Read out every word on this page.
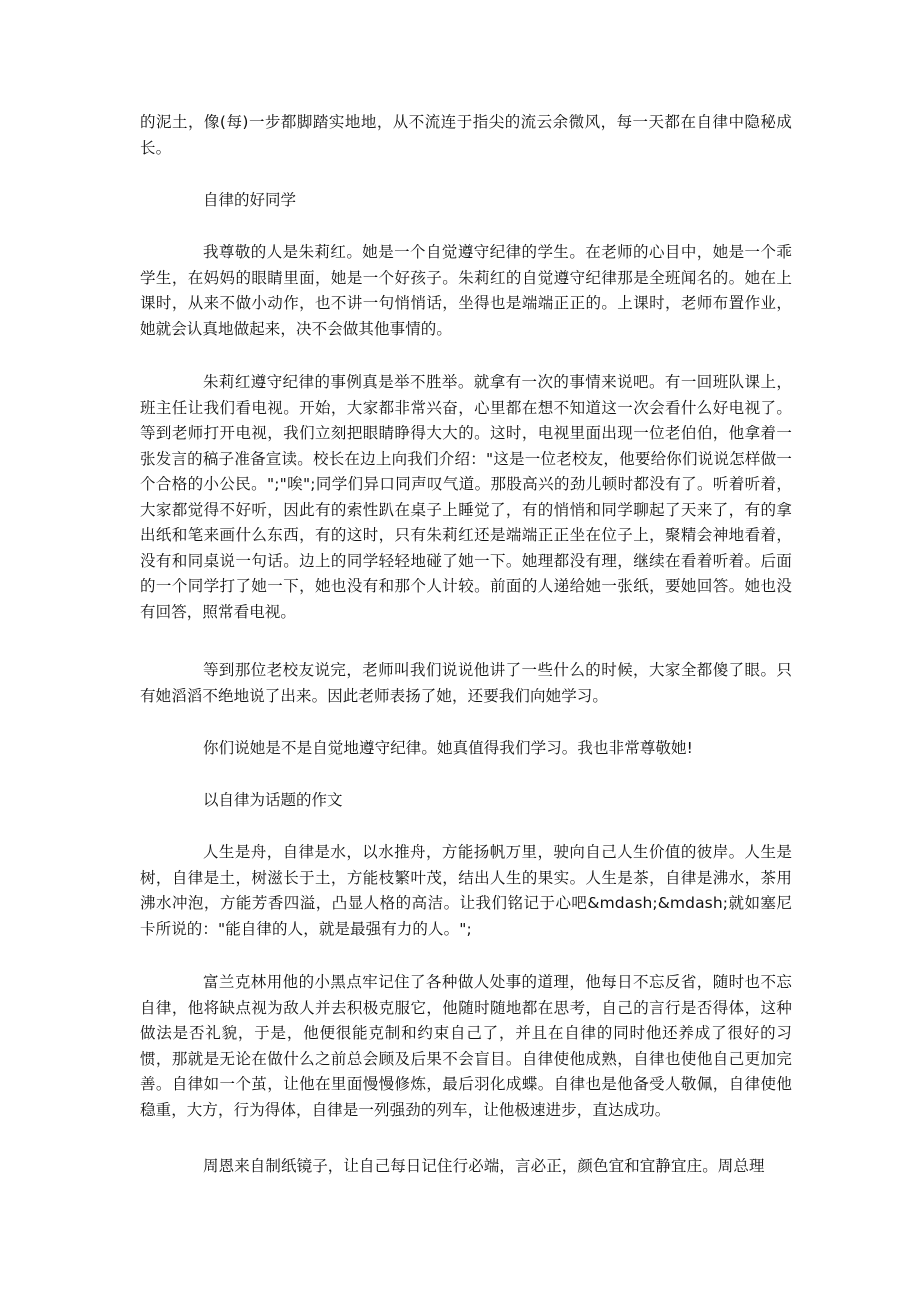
的泥土，像(每)一步都脚踏实地地，从不流连于指尖的流云余微风，每一天都在自律中隐秘成长。

自律的好同学

我尊敬的人是朱莉红。她是一个自觉遵守纪律的学生。在老师的心目中，她是一个乖学生，在妈妈的眼睛里面，她是一个好孩子。朱莉红的自觉遵守纪律那是全班闻名的。她在上课时，从来不做小动作，也不讲一句悄悄话，坐得也是端端正正的。上课时，老师布置作业，她就会认真地做起来，决不会做其他事情的。

朱莉红遵守纪律的事例真是举不胜举。就拿有一次的事情来说吧。有一回班队课上，班主任让我们看电视。开始，大家都非常兴奋，心里都在想不知道这一次会看什么好电视了。等到老师打开电视，我们立刻把眼睛睁得大大的。这时，电视里面出现一位老伯伯，他拿着一张发言的稿子准备宣读。校长在边上向我们介绍："这是一位老校友，他要给你们说说怎样做一个合格的小公民。";"唉";同学们异口同声叹气道。那股高兴的劲儿顿时都没有了。听着听着，大家都觉得不好听，因此有的索性趴在桌子上睡觉了，有的悄悄和同学聊起了天来了，有的拿出纸和笔来画什么东西，有的这时，只有朱莉红还是端端正正坐在位子上，聚精会神地看着，没有和同桌说一句话。边上的同学轻轻地碰了她一下。她理都没有理，继续在看着听着。后面的一个同学打了她一下，她也没有和那个人计较。前面的人递给她一张纸，要她回答。她也没有回答，照常看电视。

等到那位老校友说完，老师叫我们说说他讲了一些什么的时候，大家全都傻了眼。只有她滔滔不绝地说了出来。因此老师表扬了她，还要我们向她学习。

你们说她是不是自觉地遵守纪律。她真值得我们学习。我也非常尊敬她!

以自律为话题的作文

人生是舟，自律是水，以水推舟，方能扬帆万里，驶向自己人生价值的彼岸。人生是树，自律是土，树滋长于土，方能枝繁叶茂，结出人生的果实。人生是茶，自律是沸水，茶用沸水冲泡，方能芳香四溢，凸显人格的高洁。让我们铭记于心吧&mdash;&mdash;就如塞尼卡所说的："能自律的人，就是最强有力的人。";

富兰克林用他的小黑点牢记住了各种做人处事的道理，他每日不忘反省，随时也不忘自律，他将缺点视为敌人并去积极克服它，他随时随地都在思考，自己的言行是否得体，这种做法是否礼貌，于是，他便很能克制和约束自己了，并且在自律的同时他还养成了很好的习惯，那就是无论在做什么之前总会顾及后果不会盲目。自律使他成熟，自律也使他自己更加完善。自律如一个茧，让他在里面慢慢修炼，最后羽化成蝶。自律也是他备受人敬佩，自律使他稳重，大方，行为得体，自律是一列强劲的列车，让他极速进步，直达成功。

周恩来自制纸镜子，让自己每日记住行必端，言必正，颜色宜和宜静宜庄。周总理
